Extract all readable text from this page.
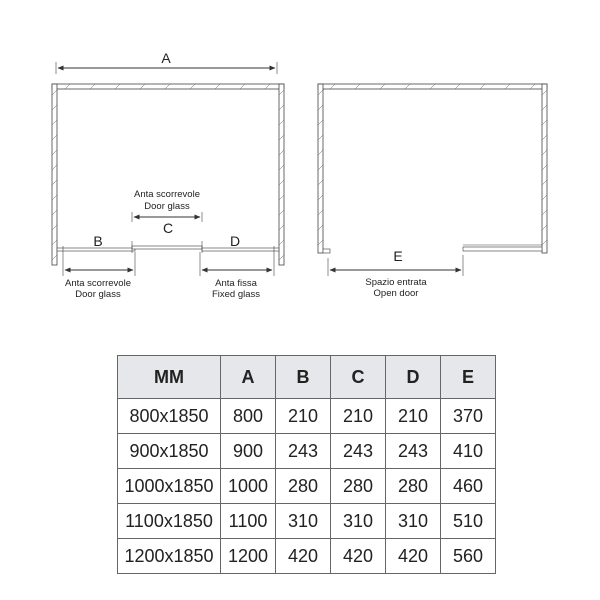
A
Anta scorrevole
Door glass
C
B
Anta scorrevole
Door glass
D
Anta fissa
Fixed glass
E
Spazio entrata
Open door
MM	A	B	C	D	E
800x1850	800	210	210	210	370
900x1850	900	243	243	243	410
1000x1850	1000	280	280	280	460
1100x1850	1100	310	310	310	510
1200x1850	1200	420	420	420	560
